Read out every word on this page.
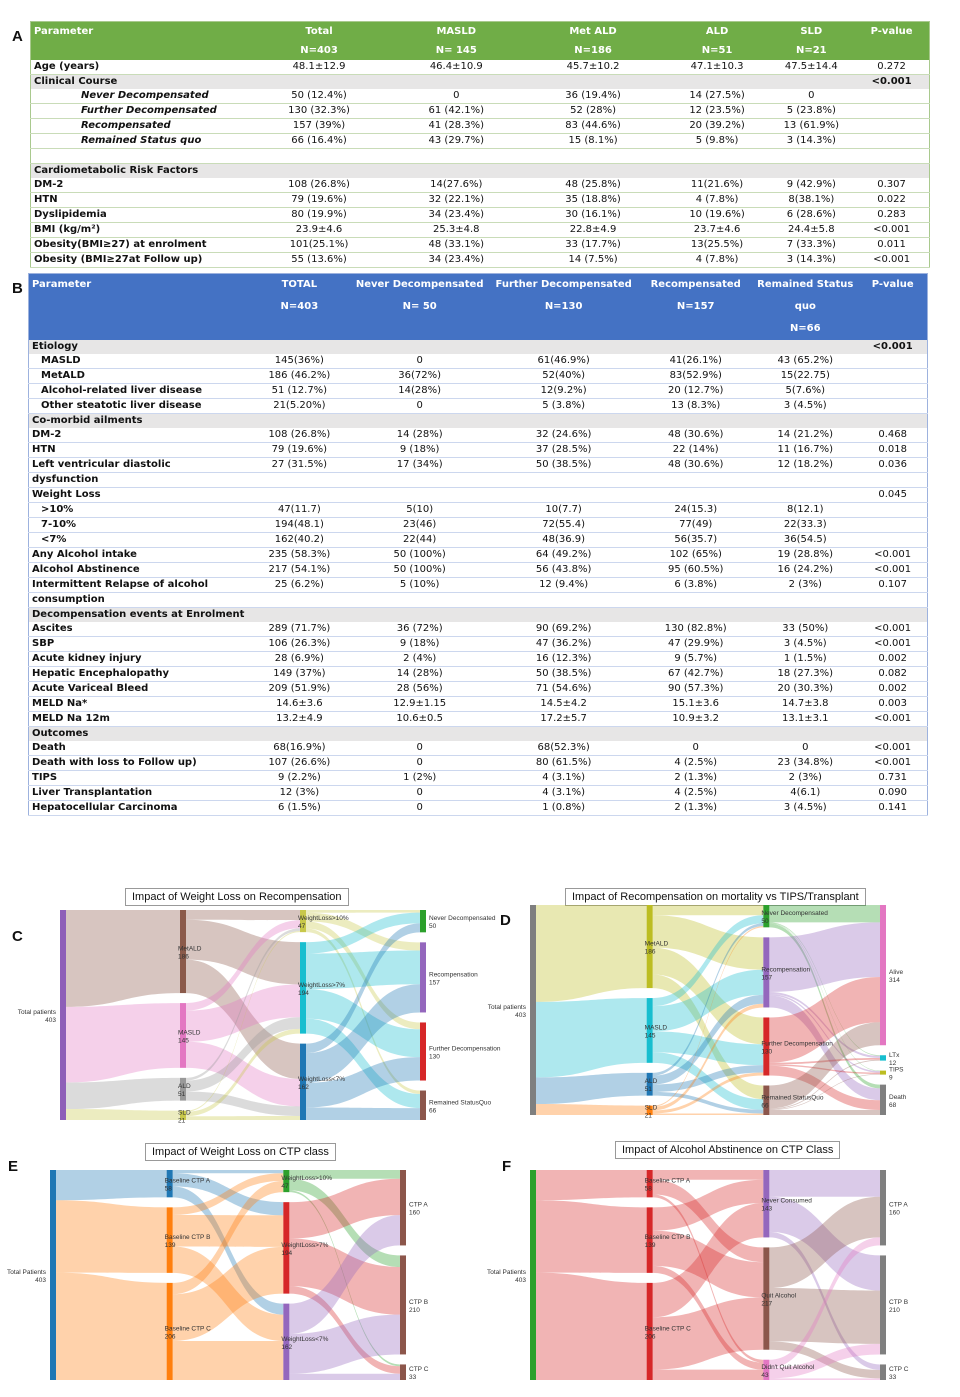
A Parameter	Total	MASLD	Met ALD	ALD	SLD	P-value
	N=403	N= 145	N=186	N=51	N=21	
Age (years)	48.1±12.9	46.4±10.9	45.7±10.2	47.1±10.3	47.5±14.4	0.272
Clinical Course						<0.001
Never Decompensated	50 (12.4%)	0	36 (19.4%)	14 (27.5%)	0	
Further Decompensated	130 (32.3%)	61 (42.1%)	52 (28%)	12 (23.5%)	5 (23.8%)	
Recompensated	157 (39%)	41 (28.3%)	83 (44.6%)	20 (39.2%)	13 (61.9%)	
Remained Status quo	66 (16.4%)	43 (29.7%)	15 (8.1%)	5 (9.8%)	3 (14.3%)	

Cardiometabolic Risk Factors						
DM-2	108 (26.8%)	14(27.6%)	48 (25.8%)	11(21.6%)	9 (42.9%)	0.307
HTN	79 (19.6%)	32 (22.1%)	35 (18.8%)	4 (7.8%)	8(38.1%)	0.022
Dyslipidemia	80 (19.9%)	34 (23.4%)	30 (16.1%)	10 (19.6%)	6 (28.6%)	0.283
BMI (kg/m²)	23.9±4.6	25.3±4.8	22.8±4.9	23.7±4.6	24.4±5.8	<0.001
Obesity(BMI≥27) at enrolment	101(25.1%)	48 (33.1%)	33 (17.7%)	13(25.5%)	7 (33.3%)	0.011
Obesity (BMI≥27at Follow up)	55 (13.6%)	34 (23.4%)	14 (7.5%)	4 (7.8%)	3 (14.3%)	<0.001
B Parameter	TOTAL	Never Decompensated	Further Decompensated	Recompensated	Remained Status	P-value
	N=403	N= 50	N=130	N=157	quo	
					N=66	
Etiology						<0.001
MASLD	145(36%)	0	61(46.9%)	41(26.1%)	43 (65.2%)	
MetALD	186 (46.2%)	36(72%)	52(40%)	83(52.9%)	15(22.75)	
Alcohol-related liver disease	51 (12.7%)	14(28%)	12(9.2%)	20 (12.7%)	5(7.6%)	
Other steatotic liver disease	21(5.20%)	0	5 (3.8%)	13 (8.3%)	3 (4.5%)	
Co-morbid ailments						
DM-2	108 (26.8%)	14 (28%)	32 (24.6%)	48 (30.6%)	14 (21.2%)	0.468
HTN	79 (19.6%)	9 (18%)	37 (28.5%)	22 (14%)	11 (16.7%)	0.018
Left ventricular diastolic	27 (31.5%)	17 (34%)	50 (38.5%)	48 (30.6%)	12 (18.2%)	0.036
dysfunction						
Weight Loss						0.045
>10%	47(11.7)	5(10)	10(7.7)	24(15.3)	8(12.1)	
7-10%	194(48.1)	23(46)	72(55.4)	77(49)	22(33.3)	
<7%	162(40.2)	22(44)	48(36.9)	56(35.7)	36(54.5)	
Any Alcohol intake	235 (58.3%)	50 (100%)	64 (49.2%)	102 (65%)	19 (28.8%)	<0.001
Alcohol Abstinence	217 (54.1%)	50 (100%)	56 (43.8%)	95 (60.5%)	16 (24.2%)	<0.001
Intermittent Relapse of alcohol	25 (6.2%)	5 (10%)	12 (9.4%)	6 (3.8%)	2 (3%)	0.107
consumption						
Decompensation events at Enrolment						
Ascites	289 (71.7%)	36 (72%)	90 (69.2%)	130 (82.8%)	33 (50%)	<0.001
SBP	106 (26.3%)	9 (18%)	47 (36.2%)	47 (29.9%)	3 (4.5%)	<0.001
Acute kidney injury	28 (6.9%)	2 (4%)	16 (12.3%)	9 (5.7%)	1 (1.5%)	0.002
Hepatic Encephalopathy	149 (37%)	14 (28%)	50 (38.5%)	67 (42.7%)	18 (27.3%)	0.082
Acute Variceal Bleed	209 (51.9%)	28 (56%)	71 (54.6%)	90 (57.3%)	20 (30.3%)	0.002
MELD Na*	14.6±3.6	12.9±1.15	14.5±4.2	15.1±3.6	14.7±3.8	0.003
MELD Na 12m	13.2±4.9	10.6±0.5	17.2±5.7	10.9±3.2	13.1±3.1	<0.001
Outcomes						
Death	68(16.9%)	0	68(52.3%)	0	0	<0.001
Death with loss to Follow up)	107 (26.6%)	0	80 (61.5%)	4 (2.5%)	23 (34.8%)	<0.001
TIPS	9 (2.2%)	1 (2%)	4 (3.1%)	2 (1.3%)	2 (3%)	0.731
Liver Transplantation	12 (3%)	0	4 (3.1%)	4 (2.5%)	4(6.1)	0.090
Hepatocellular Carcinoma	6 (1.5%)	0	1 (0.8%)	2 (1.3%)	3 (4.5%)	0.141
C
Impact of Weight Loss on Recompensation
Total patients
403
MetALD
186
MASLD
145
ALD
51
SLD
21
WeightLoss>10%
47
WeightLoss>7%
194
WeightLoss<7%
162
Never Decompensated
50
Recompensation
157
Further Decompensation
130
Remained StatusQuo
66
D
Impact of Recompensation on mortality vs TIPS/Transplant
Total patients
403
MetALD
186
MASLD
145
ALD
51
SLD
21
Never Decompensated
50
Recompensation
157
Further Decompensation
130
Remained StatusQuo
66
Alive
314
LTx
12
TIPS
9
Death
68
E
Impact of Weight Loss on CTP class
Total Patients
403
Baseline CTP A
58
Baseline CTP B
139
Baseline CTP C
206
WeightLoss>10%
47
WeightLoss>7%
194
WeightLoss<7%
162
CTP A
160
CTP B
210
CTP C
33
F
Impact of Alcohol Abstinence on CTP Class
Total Patients
403
Baseline CTP A
58
Baseline CTP B
139
Baseline CTP C
206
Never Consumed
143
Quit Alcohol
217
Didn't Quit Alcohol
43
CTP A
160
CTP B
210
CTP C
33
